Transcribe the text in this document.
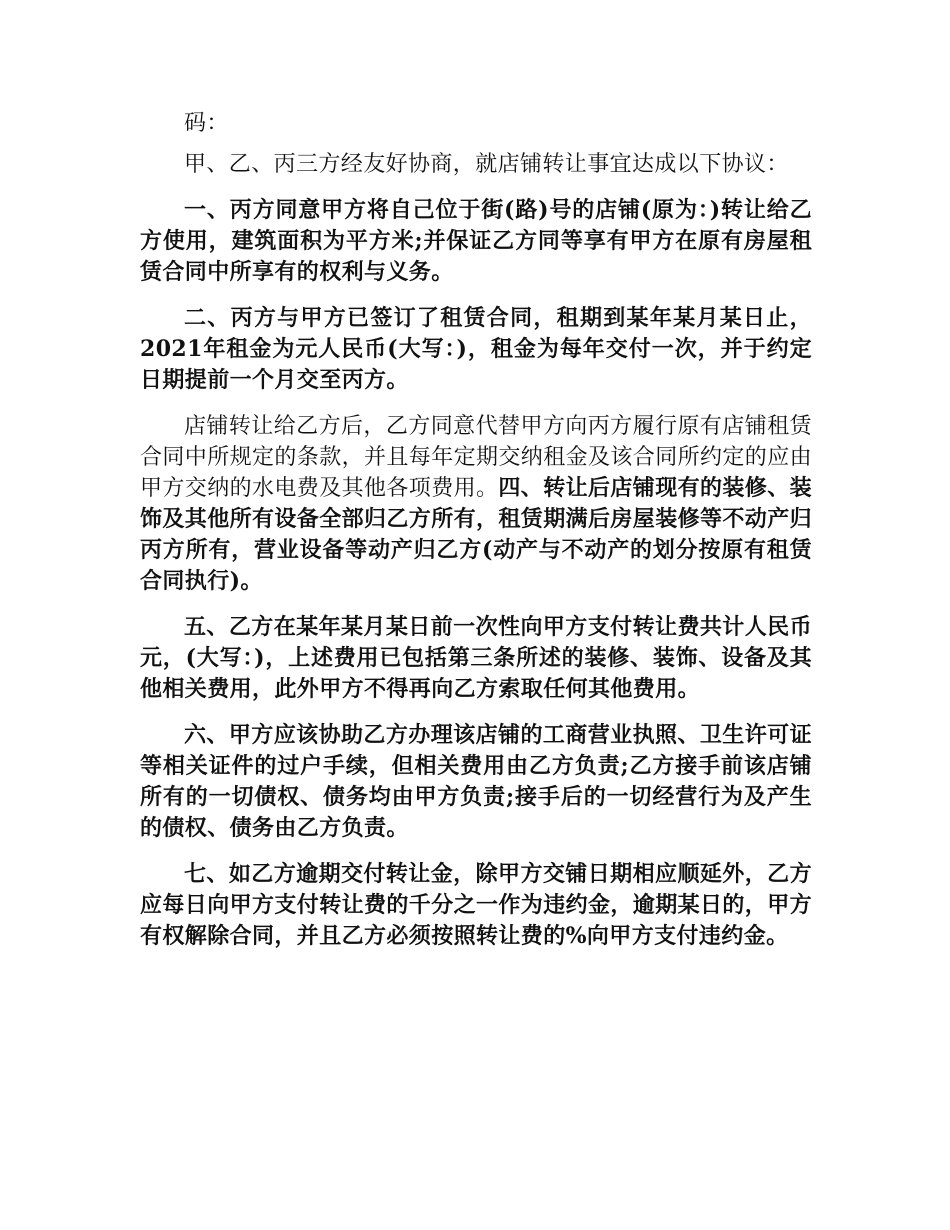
码：

甲、乙、丙三方经友好协商，就店铺转让事宜达成以下协议：

一、丙方同意甲方将自己位于街(路)号的店铺(原为：)转让给乙方使用，建筑面积为平方米;并保证乙方同等享有甲方在原有房屋租赁合同中所享有的权利与义务。

二、丙方与甲方已签订了租赁合同，租期到某年某月某日止，2021年租金为元人民币(大写：)，租金为每年交付一次，并于约定日期提前一个月交至丙方。

店铺转让给乙方后，乙方同意代替甲方向丙方履行原有店铺租赁合同中所规定的条款，并且每年定期交纳租金及该合同所约定的应由甲方交纳的水电费及其他各项费用。四、转让后店铺现有的装修、装饰及其他所有设备全部归乙方所有，租赁期满后房屋装修等不动产归丙方所有，营业设备等动产归乙方(动产与不动产的划分按原有租赁合同执行)。

五、乙方在某年某月某日前一次性向甲方支付转让费共计人民币元，(大写：)，上述费用已包括第三条所述的装修、装饰、设备及其他相关费用，此外甲方不得再向乙方索取任何其他费用。

六、甲方应该协助乙方办理该店铺的工商营业执照、卫生许可证等相关证件的过户手续，但相关费用由乙方负责;乙方接手前该店铺所有的一切债权、债务均由甲方负责;接手后的一切经营行为及产生的债权、债务由乙方负责。

七、如乙方逾期交付转让金，除甲方交铺日期相应顺延外，乙方应每日向甲方支付转让费的千分之一作为违约金，逾期某日的，甲方有权解除合同，并且乙方必须按照转让费的%向甲方支付违约金。
